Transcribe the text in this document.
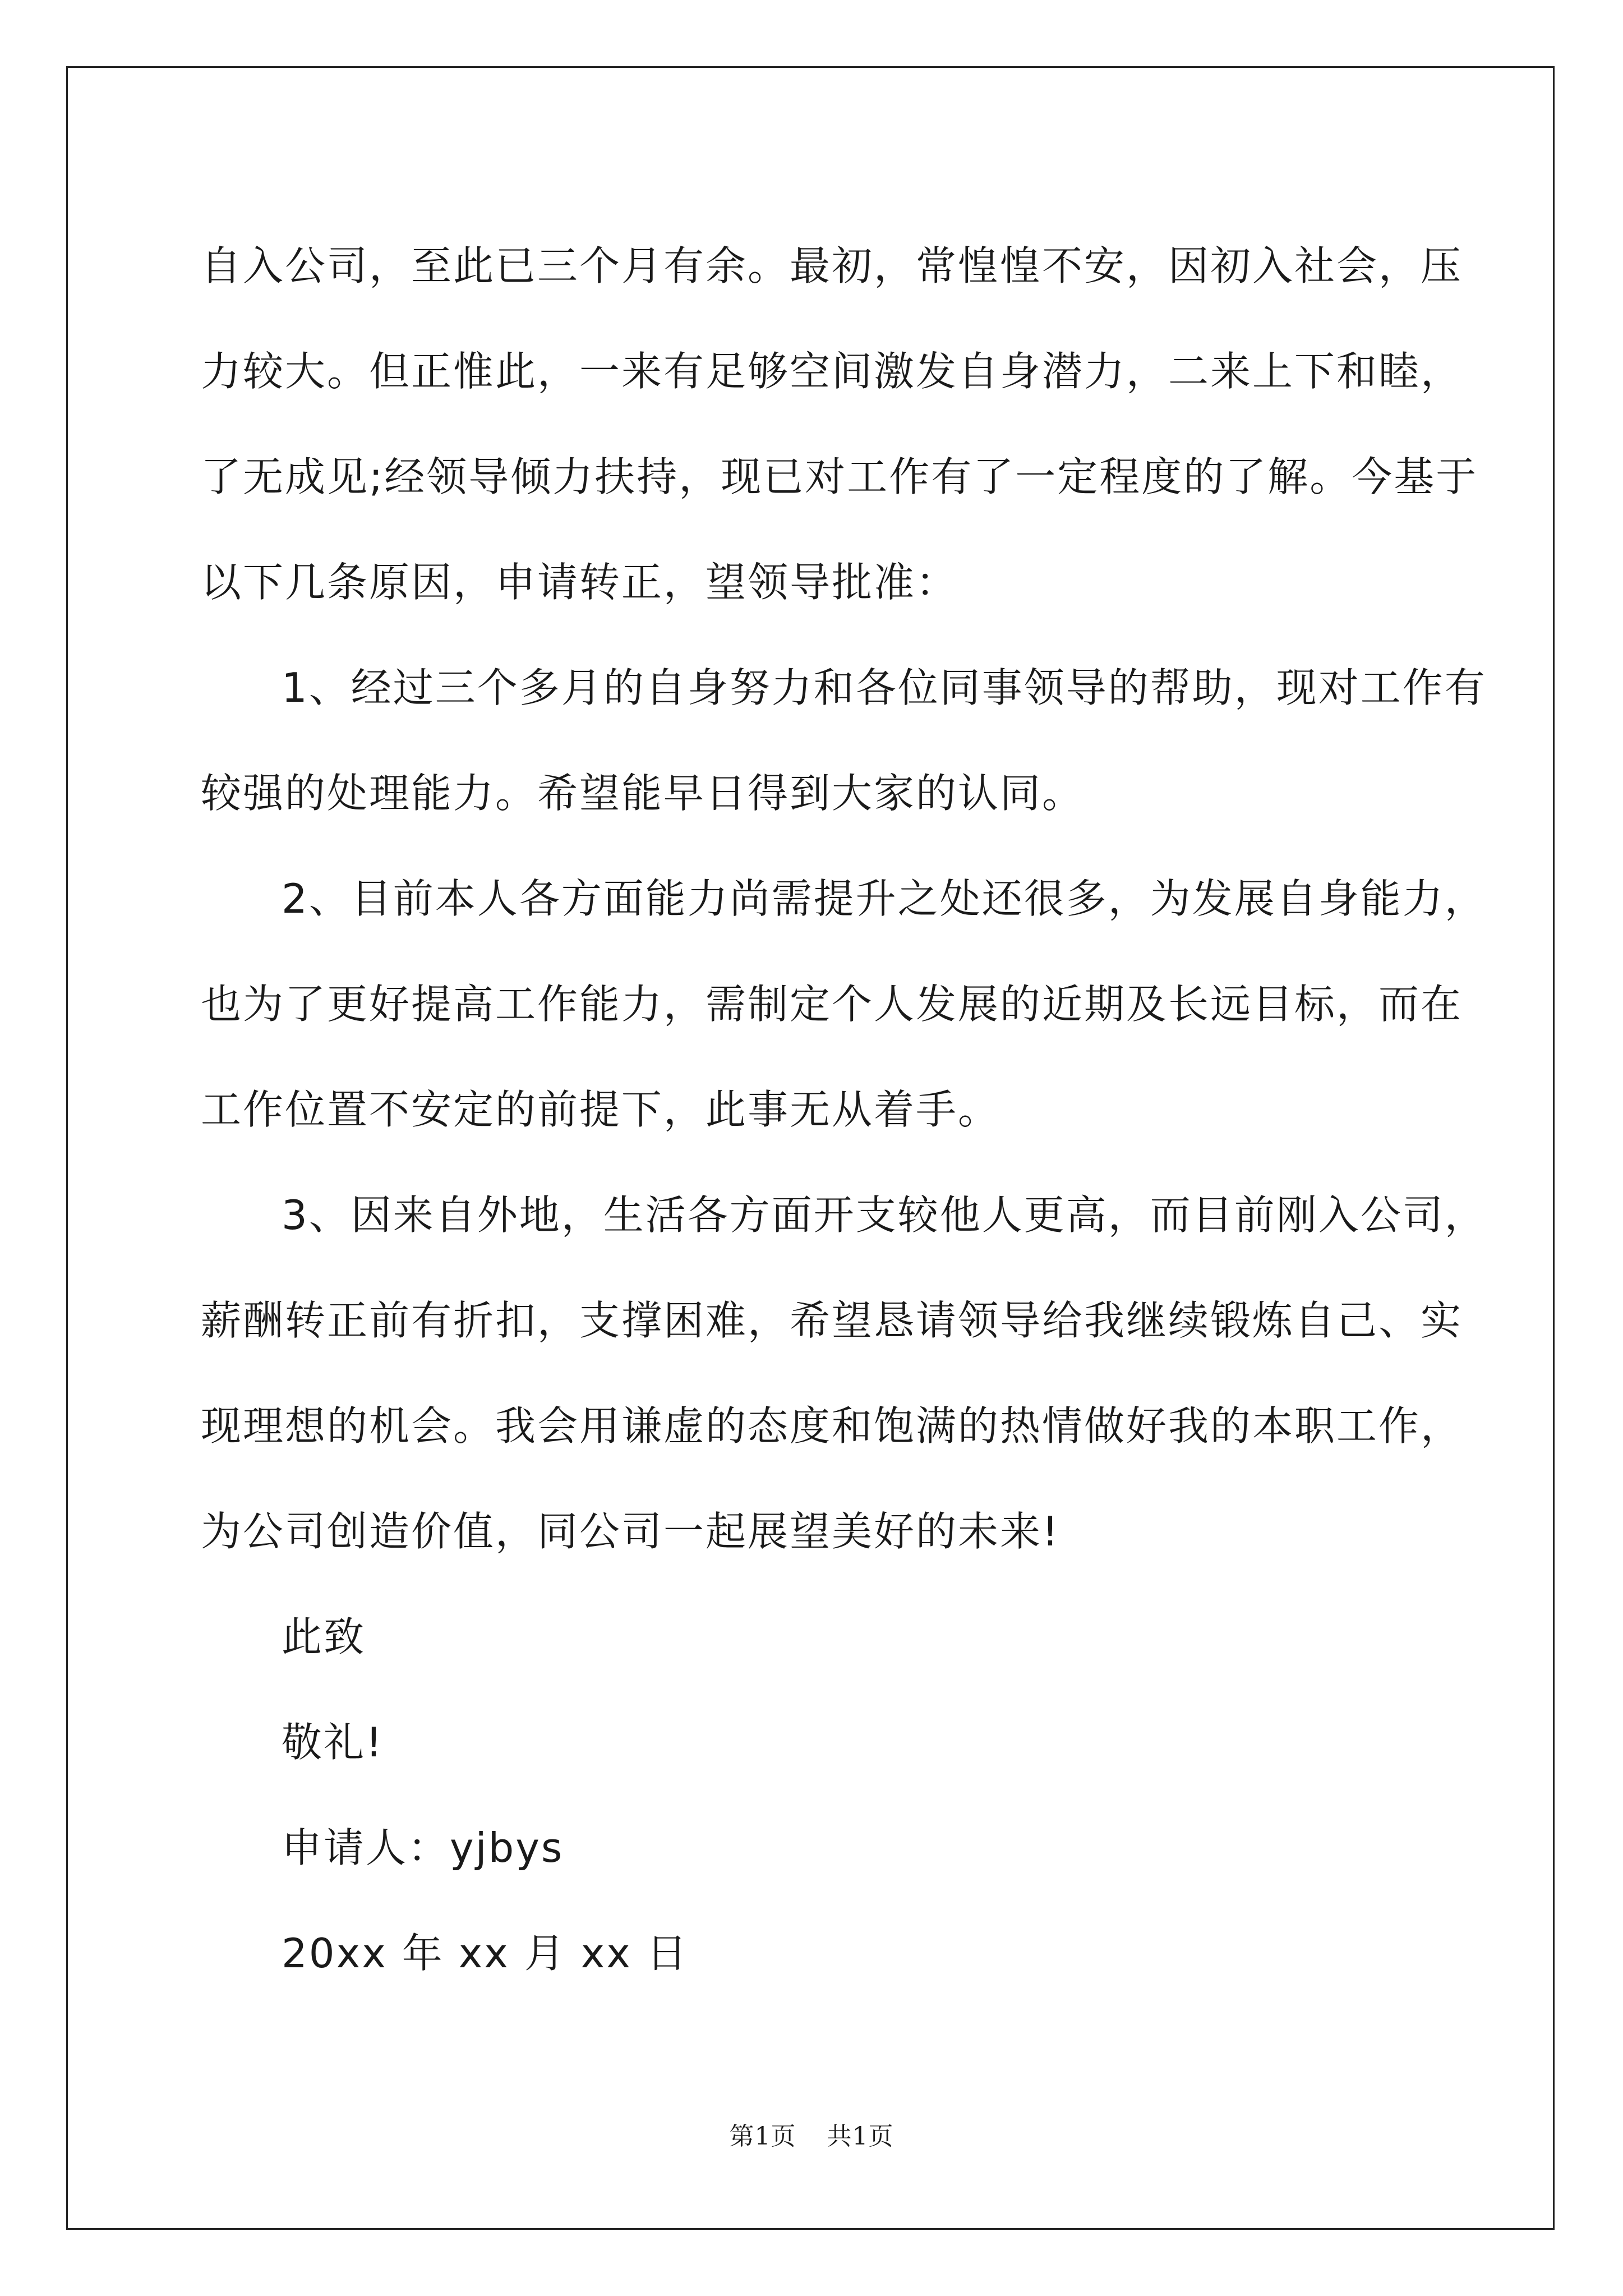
自入公司，至此已三个月有余。最初，常惶惶不安，因初入社会，压
力较大。但正惟此，一来有足够空间激发自身潜力，二来上下和睦，
了无成见;经领导倾力扶持，现已对工作有了一定程度的了解。今基于
以下几条原因，申请转正，望领导批准：
1、经过三个多月的自身努力和各位同事领导的帮助，现对工作有
较强的处理能力。希望能早日得到大家的认同。
2、目前本人各方面能力尚需提升之处还很多，为发展自身能力，
也为了更好提高工作能力，需制定个人发展的近期及长远目标，而在
工作位置不安定的前提下，此事无从着手。
3、因来自外地，生活各方面开支较他人更高，而目前刚入公司，
薪酬转正前有折扣，支撑困难，希望恳请领导给我继续锻炼自己、实
现理想的机会。我会用谦虚的态度和饱满的热情做好我的本职工作，
为公司创造价值，同公司一起展望美好的未来!
此致
敬礼!
申请人：yjbys
20xx 年 xx 月 xx 日
第1页 共1页
